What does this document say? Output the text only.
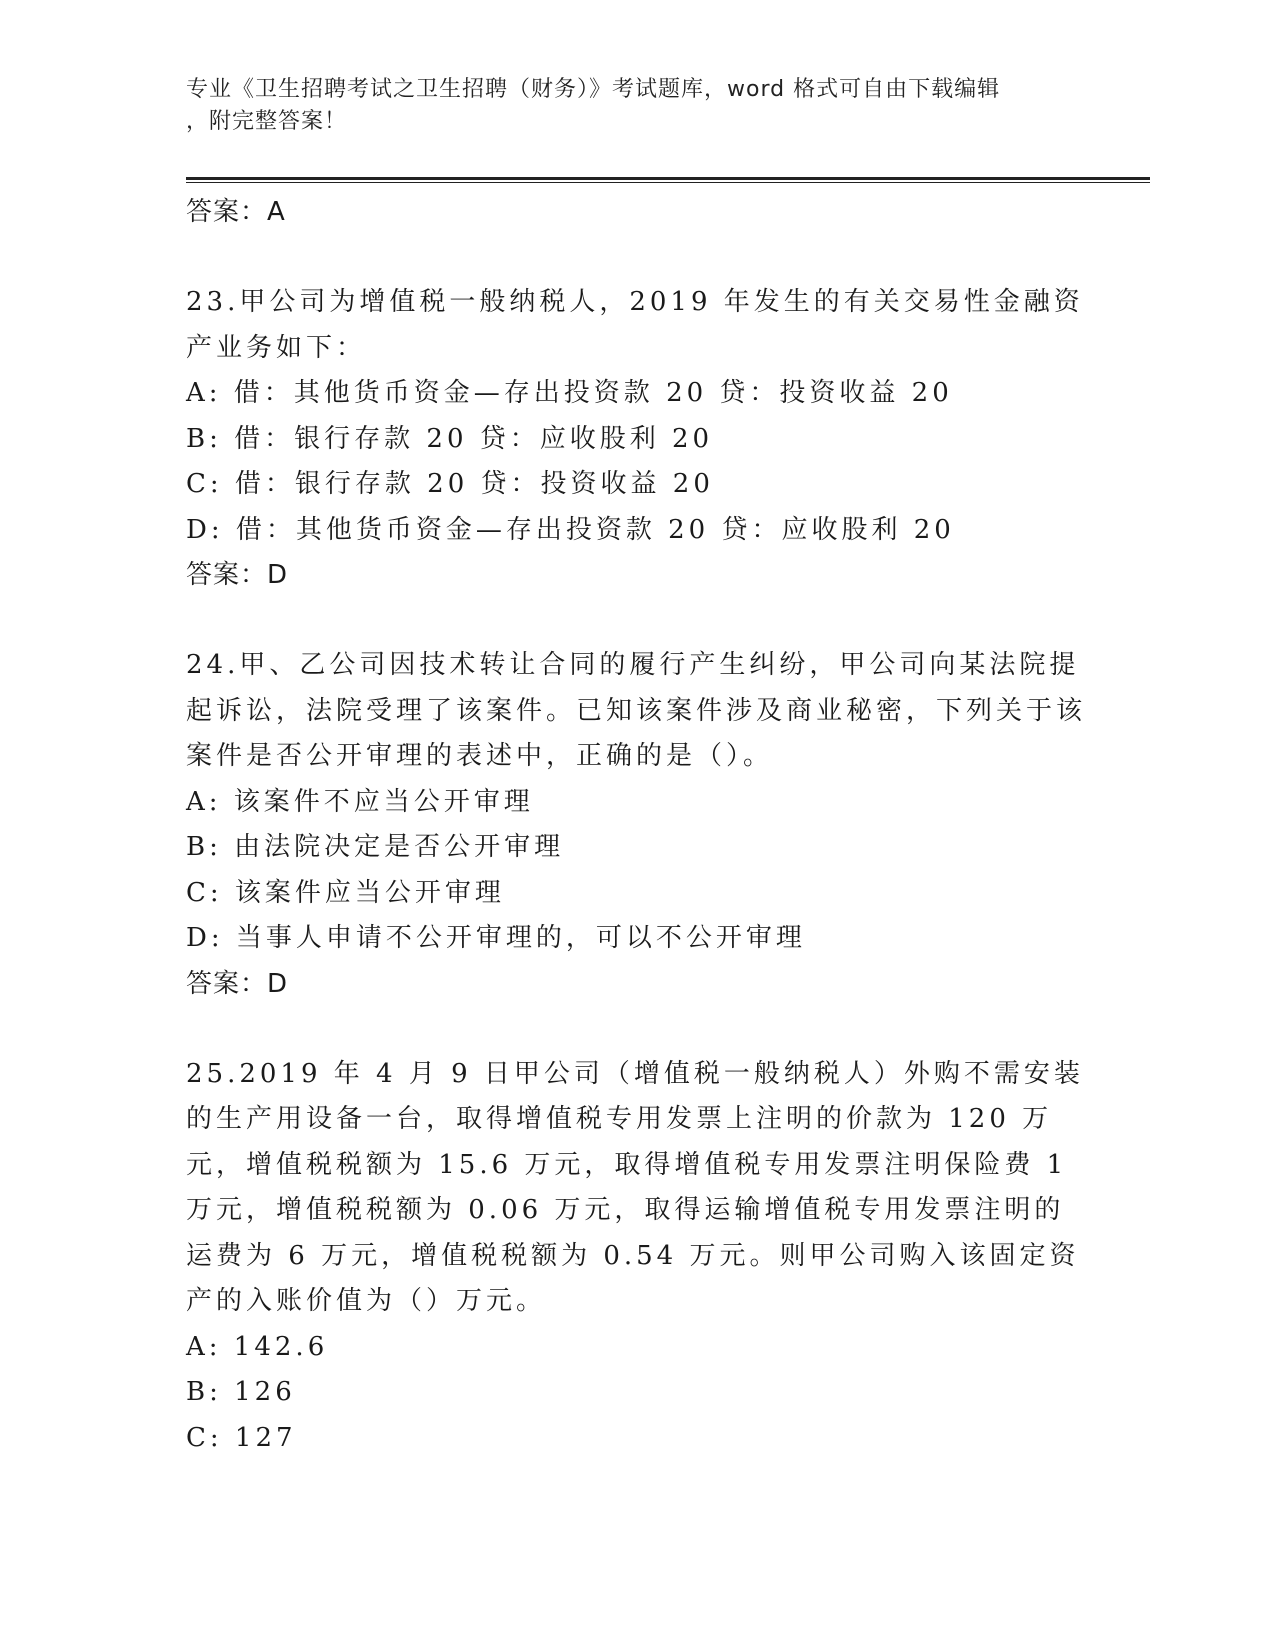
专业《卫生招聘考试之卫生招聘（财务）》考试题库，word 格式可自由下载编辑
，附完整答案！

答案：A

23.甲公司为增值税一般纳税人，2019 年发生的有关交易性金融资产业务如下：

A: 借：其他货币资金—存出投资款 20 贷：投资收益 20

B: 借：银行存款 20 贷：应收股利 20

C: 借：银行存款 20 贷：投资收益 20

D: 借：其他货币资金—存出投资款 20 贷：应收股利 20

答案：D

24.甲、乙公司因技术转让合同的履行产生纠纷，甲公司向某法院提起诉讼，法院受理了该案件。已知该案件涉及商业秘密，下列关于该案件是否公开审理的表述中，正确的是（）。

A: 该案件不应当公开审理

B: 由法院决定是否公开审理

C: 该案件应当公开审理

D: 当事人申请不公开审理的，可以不公开审理

答案：D

25.2019 年 4 月 9 日甲公司（增值税一般纳税人）外购不需安装的生产用设备一台，取得增值税专用发票上注明的价款为 120 万元，增值税税额为 15.6 万元，取得增值税专用发票注明保险费 1 万元，增值税税额为 0.06 万元，取得运输增值税专用发票注明的运费为 6 万元，增值税税额为 0.54 万元。则甲公司购入该固定资产的入账价值为（）万元。

A: 142.6

B: 126

C: 127
